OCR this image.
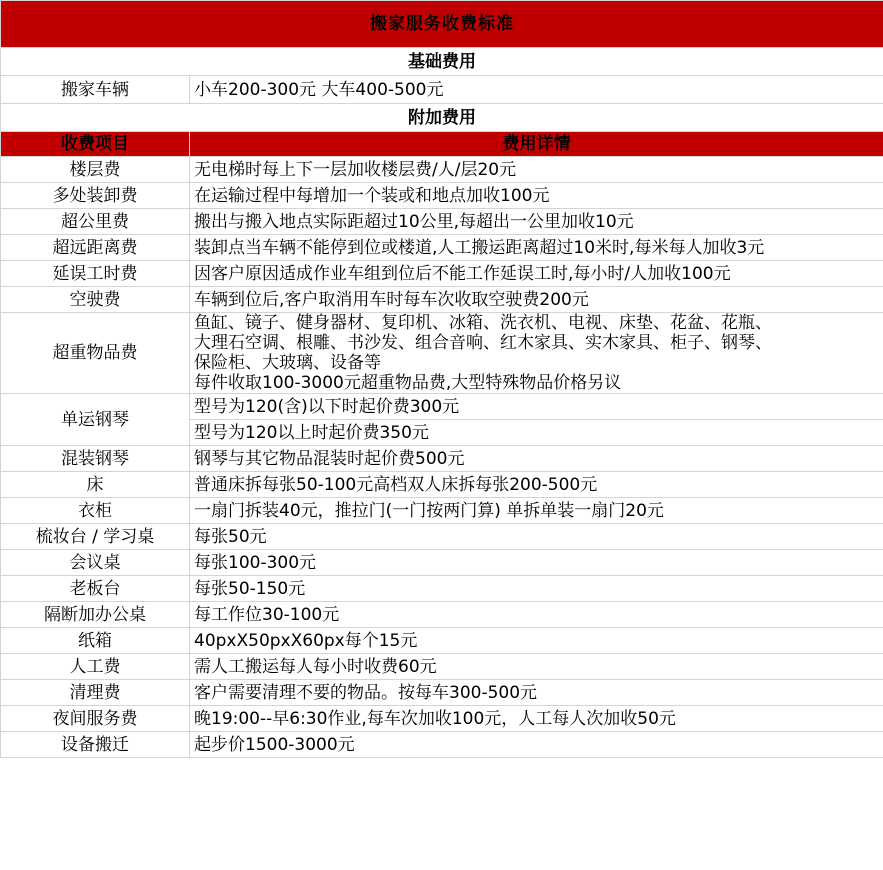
搬家服务收费标准	
基础费用	
搬家车辆	小车200-300元 大车400-500元
附加费用	
收费项目	费用详情
楼层费	无电梯时每上下一层加收楼层费/人/层20元
多处装卸费	在运输过程中每增加一个装或和地点加收100元
超公里费	搬出与搬入地点实际距超过10公里,每超出一公里加收10元
超远距离费	装卸点当车辆不能停到位或楼道,人工搬运距离超过10米时,每米每人加收3元
延误工时费	因客户原因适成作业车组到位后不能工作延误工时,每小时/人加收100元
空驶费	车辆到位后,客户取消用车时每车次收取空驶费200元
超重物品费	鱼缸、镜子、健身器材、复印机、冰箱、洗衣机、电视、床垫、花盆、花瓶、
大理石空调、根雕、书沙发、组合音响、红木家具、实木家具、柜子、钢琴、
保险柜、大玻璃、设备等
每件收取100-3000元超重物品费,大型特殊物品价格另议

单运钢琴	型号为120(含)以下时起价费300元
	型号为120以上时起价费350元
混装钢琴	钢琴与其它物品混装时起价费500元
床	普通床拆每张50-100元高档双人床拆每张200-500元
衣柜	一扇门拆装40元，推拉门(一门按两门算) 单拆单装一扇门20元
梳妆台 / 学习桌	每张50元
会议桌	每张100-300元
老板台	每张50-150元
隔断加办公桌	每工作位30-100元
纸箱	40pxX50pxX60px每个15元
人工费	需人工搬运每人每小时收费60元
清理费	客户需要清理不要的物品。按每车300-500元
夜间服务费	晚19:00--早6:30作业,每车次加收100元，人工每人次加收50元
设备搬迁	起步价1500-3000元
